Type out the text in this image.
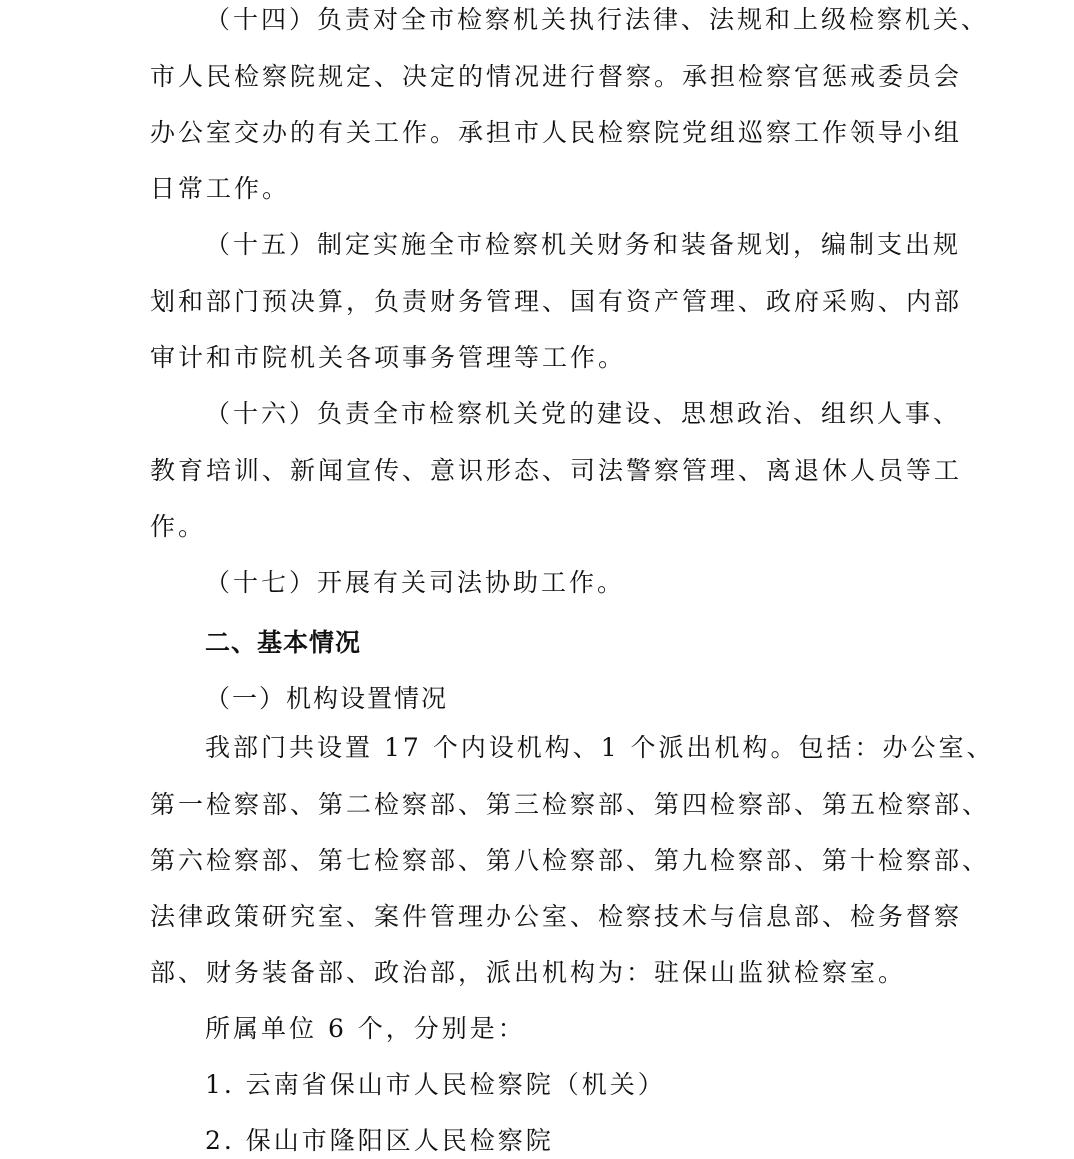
（十四）负责对全市检察机关执行法律、法规和上级检察机关、
市人民检察院规定、决定的情况进行督察。承担检察官惩戒委员会
办公室交办的有关工作。承担市人民检察院党组巡察工作领导小组
日常工作。
（十五）制定实施全市检察机关财务和装备规划，编制支出规
划和部门预决算，负责财务管理、国有资产管理、政府采购、内部
审计和市院机关各项事务管理等工作。
（十六）负责全市检察机关党的建设、思想政治、组织人事、
教育培训、新闻宣传、意识形态、司法警察管理、离退休人员等工
作。
（十七）开展有关司法协助工作。
二、基本情况
（一）机构设置情况
我部门共设置 17 个内设机构、1 个派出机构。包括：办公室、
第一检察部、第二检察部、第三检察部、第四检察部、第五检察部、
第六检察部、第七检察部、第八检察部、第九检察部、第十检察部、
法律政策研究室、案件管理办公室、检察技术与信息部、检务督察
部、财务装备部、政治部，派出机构为：驻保山监狱检察室。
所属单位 6 个，分别是：
1. 云南省保山市人民检察院（机关）
2. 保山市隆阳区人民检察院
